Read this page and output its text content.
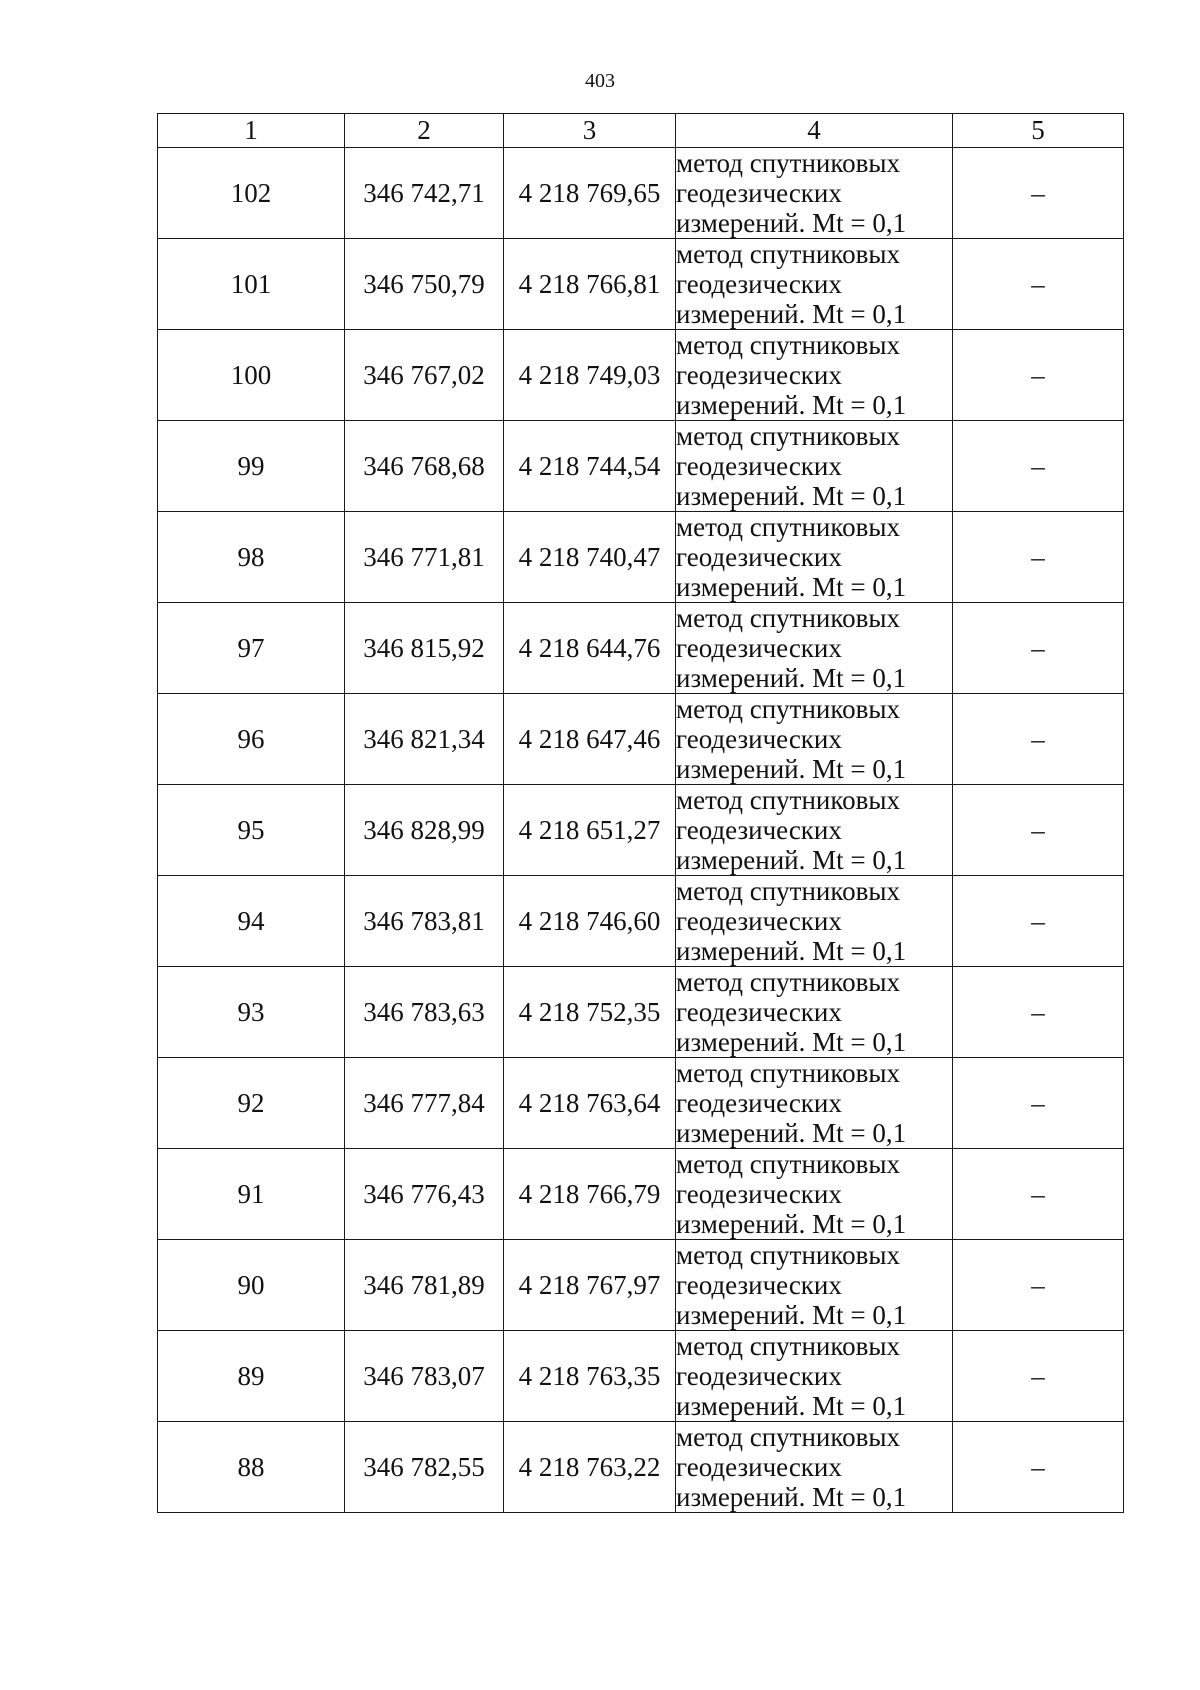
403
1	2	3	4	5
102	346 742,71	4 218 769,65	метод спутниковых
геодезических
измерений. Mt = 0,1	–
101	346 750,79	4 218 766,81	метод спутниковых
геодезических
измерений. Mt = 0,1	–
100	346 767,02	4 218 749,03	метод спутниковых
геодезических
измерений. Mt = 0,1	–
99	346 768,68	4 218 744,54	метод спутниковых
геодезических
измерений. Mt = 0,1	–
98	346 771,81	4 218 740,47	метод спутниковых
геодезических
измерений. Mt = 0,1	–
97	346 815,92	4 218 644,76	метод спутниковых
геодезических
измерений. Mt = 0,1	–
96	346 821,34	4 218 647,46	метод спутниковых
геодезических
измерений. Mt = 0,1	–
95	346 828,99	4 218 651,27	метод спутниковых
геодезических
измерений. Mt = 0,1	–
94	346 783,81	4 218 746,60	метод спутниковых
геодезических
измерений. Mt = 0,1	–
93	346 783,63	4 218 752,35	метод спутниковых
геодезических
измерений. Mt = 0,1	–
92	346 777,84	4 218 763,64	метод спутниковых
геодезических
измерений. Mt = 0,1	–
91	346 776,43	4 218 766,79	метод спутниковых
геодезических
измерений. Mt = 0,1	–
90	346 781,89	4 218 767,97	метод спутниковых
геодезических
измерений. Mt = 0,1	–
89	346 783,07	4 218 763,35	метод спутниковых
геодезических
измерений. Mt = 0,1	–
88	346 782,55	4 218 763,22	метод спутниковых
геодезических
измерений. Mt = 0,1	–
